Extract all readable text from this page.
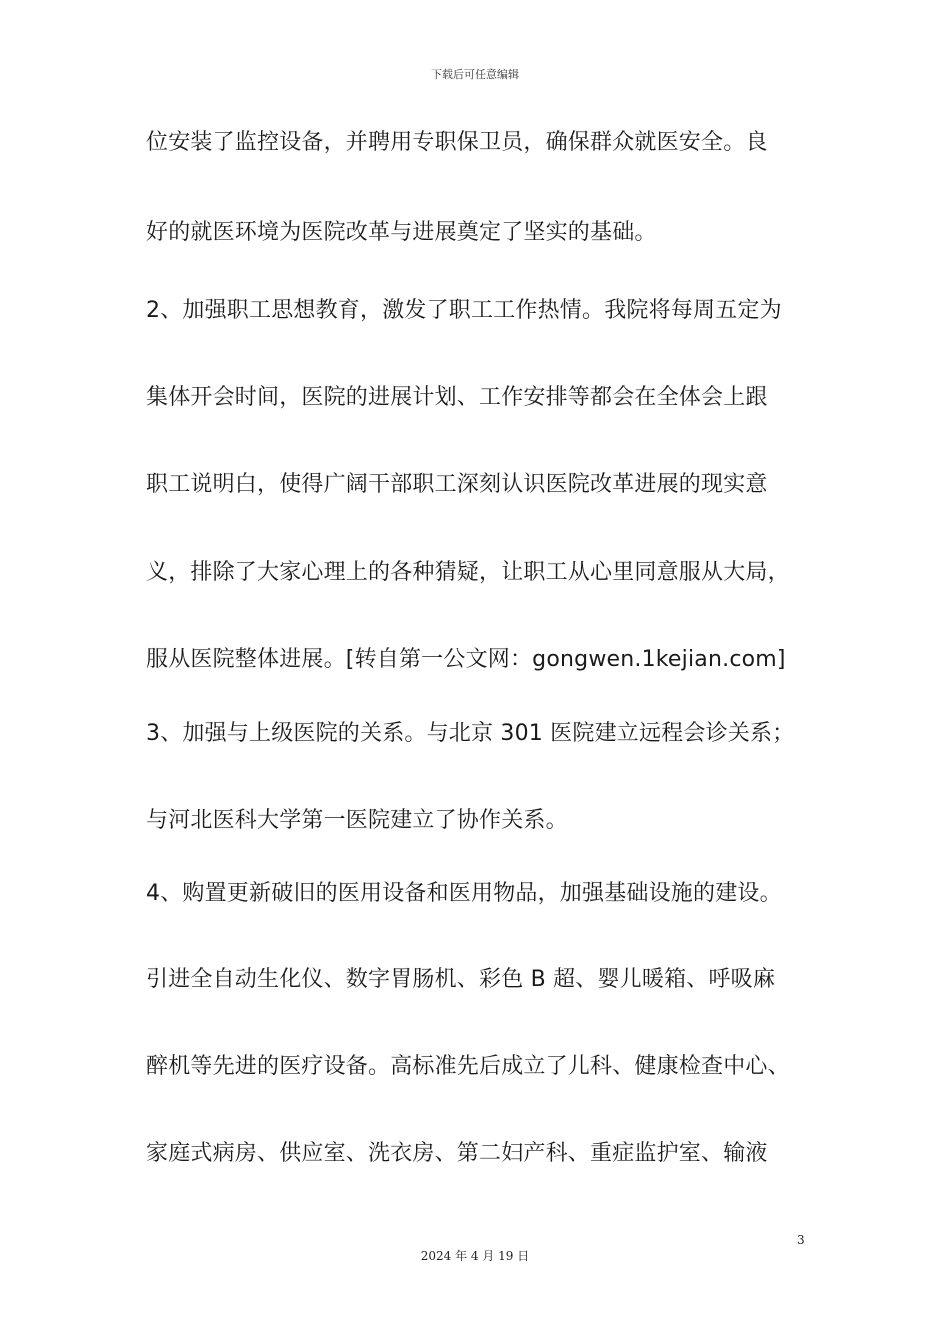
下载后可任意编辑
位安装了监控设备，并聘用专职保卫员，确保群众就医安全。良
好的就医环境为医院改革与进展奠定了坚实的基础。
2、加强职工思想教育，激发了职工工作热情。我院将每周五定为
集体开会时间，医院的进展计划、工作安排等都会在全体会上跟
职工说明白，使得广阔干部职工深刻认识医院改革进展的现实意
义，排除了大家心理上的各种猜疑，让职工从心里同意服从大局，
服从医院整体进展。[转自第一公文网：gongwen.1kejian.com]
3、加强与上级医院的关系。与北京 301 医院建立远程会诊关系；
与河北医科大学第一医院建立了协作关系。
4、购置更新破旧的医用设备和医用物品，加强基础设施的建设。
引进全自动生化仪、数字胃肠机、彩色 B 超、婴儿暖箱、呼吸麻
醉机等先进的医疗设备。高标准先后成立了儿科、健康检查中心、
家庭式病房、供应室、洗衣房、第二妇产科、重症监护室、输液
3
2024 年 4 月 19 日
